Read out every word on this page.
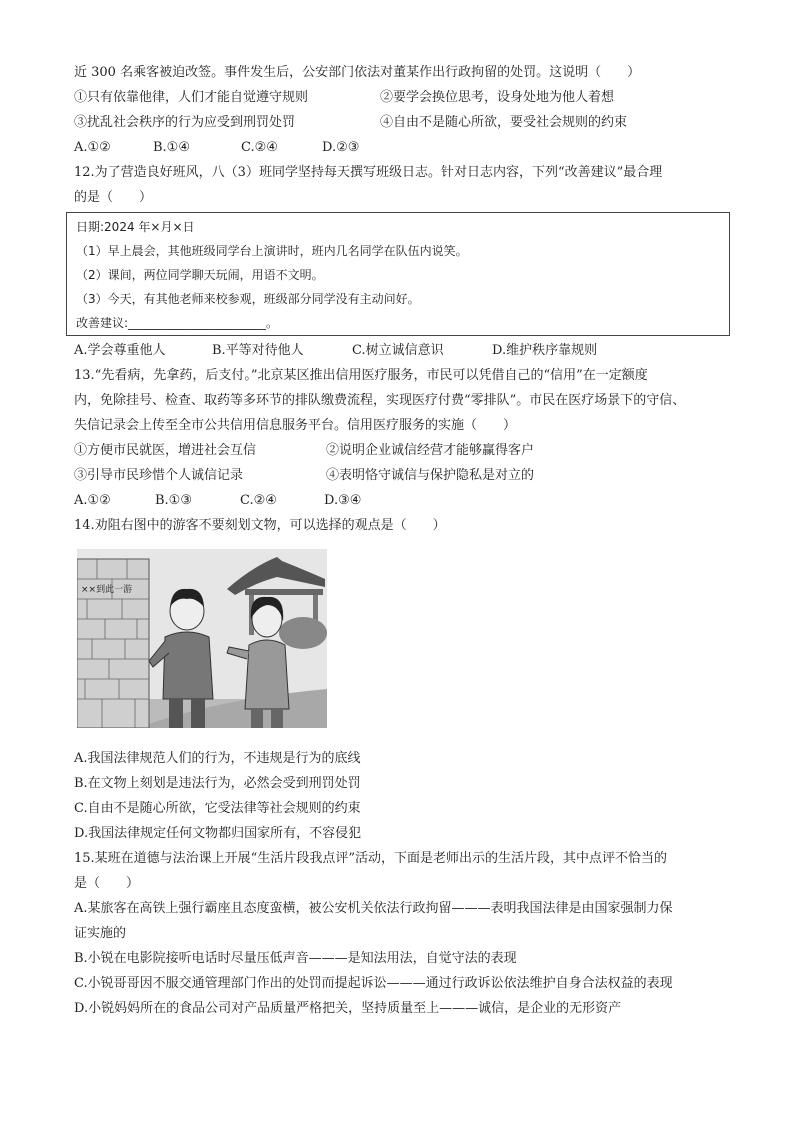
近 300 名乘客被迫改签。事件发生后，公安部门依法对董某作出行政拘留的处罚。这说明（　　）
①只有依靠他律，人们才能自觉遵守规则	②要学会换位思考，设身处地为他人着想
③扰乱社会秩序的行为应受到刑罚处罚	④自由不是随心所欲，要受社会规则的约束
A.①②	B.①④	C.②④	D.②③
12.为了营造良好班风，八（3）班同学坚持每天撰写班级日志。针对日志内容，下列“改善建议”最合理
的是（　　）
日期:2024 年×月×日
（1）早上晨会，其他班级同学台上演讲时，班内几名同学在队伍内说笑。
（2）课间，两位同学聊天玩闹，用语不文明。
（3）今天，有其他老师来校参观，班级部分同学没有主动问好。
改善建议:_______________________。
A.学会尊重他人	B.平等对待他人	C.树立诚信意识	D.维护秩序靠规则
13.“先看病，先拿药，后支付。”北京某区推出信用医疗服务，市民可以凭借自己的“信用”在一定额度
内，免除挂号、检查、取药等多环节的排队缴费流程，实现医疗付费“零排队”。市民在医疗场景下的守信、
失信记录会上传至全市公共信用信息服务平台。信用医疗服务的实施（　　）
①方便市民就医，增进社会互信	②说明企业诚信经营才能够赢得客户
③引导市民珍惜个人诚信记录	④表明恪守诚信与保护隐私是对立的
A.①②	B.①③	C.②④	D.③④
14.劝阻右图中的游客不要刻划文物，可以选择的观点是（　　）
××到此一游
A.我国法律规范人们的行为，不违规是行为的底线
B.在文物上刻划是违法行为，必然会受到刑罚处罚
C.自由不是随心所欲，它受法律等社会规则的约束
D.我国法律规定任何文物都归国家所有，不容侵犯
15.某班在道德与法治课上开展“生活片段我点评”活动，下面是老师出示的生活片段，其中点评不恰当的
是（　　）
A.某旅客在高铁上强行霸座且态度蛮横，被公安机关依法行政拘留———表明我国法律是由国家强制力保
证实施的
B.小锐在电影院接听电话时尽量压低声音———是知法用法，自觉守法的表现
C.小锐哥哥因不服交通管理部门作出的处罚而提起诉讼———通过行政诉讼依法维护自身合法权益的表现
D.小锐妈妈所在的食品公司对产品质量严格把关，坚持质量至上———诚信，是企业的无形资产
